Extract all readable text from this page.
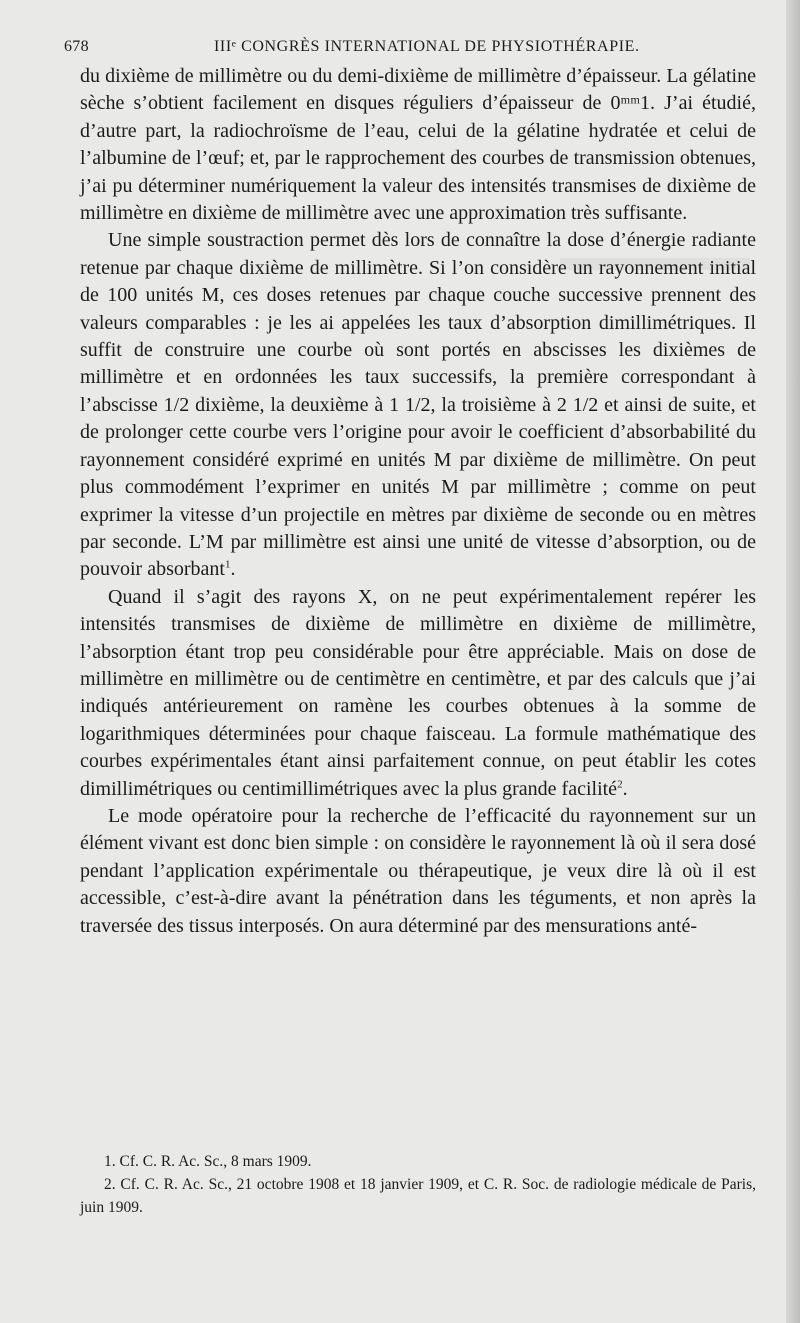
678	IIIᵉ CONGRÈS INTERNATIONAL DE PHYSIOTHÉRAPIE.

du dixième de millimètre ou du demi-dixième de millimètre d’épaisseur. La gélatine sèche s’obtient facilement en disques réguliers d’épaisseur de 0ᵐᵐ1. J’ai étudié, d’autre part, la radiochroïsme de l’eau, celui de la gélatine hydratée et celui de l’albumine de l’œuf; et, par le rapprochement des courbes de transmission obtenues, j’ai pu déterminer numériquement la valeur des intensités transmises de dixième de millimètre en dixième de millimètre avec une approximation très suffisante.

Une simple soustraction permet dès lors de connaître la dose d’énergie radiante retenue par chaque dixième de millimètre. Si l’on considère un rayonnement initial de 100 unités M, ces doses retenues par chaque couche successive prennent des valeurs comparables : je les ai appelées les taux d’absorption dimillimétriques. Il suffit de construire une courbe où sont portés en abscisses les dixièmes de millimètre et en ordonnées les taux successifs, la première correspondant à l’abscisse 1/2 dixième, la deuxième à 1 1/2, la troisième à 2 1/2 et ainsi de suite, et de prolonger cette courbe vers l’origine pour avoir le coefficient d’absorbabilité du rayonnement considéré exprimé en unités M par dixième de millimètre. On peut plus commodément l’exprimer en unités M par millimètre ; comme on peut exprimer la vitesse d’un projectile en mètres par dixième de seconde ou en mètres par seconde. L’M par millimètre est ainsi une unité de vitesse d’absorption, ou de pouvoir absorbant$^1$.

Quand il s’agit des rayons X, on ne peut expérimentalement repérer les intensités transmises de dixième de millimètre en dixième de millimètre, l’absorption étant trop peu considérable pour être appréciable. Mais on dose de millimètre en millimètre ou de centimètre en centimètre, et par des calculs que j’ai indiqués antérieurement on ramène les courbes obtenues à la somme de logarithmiques déterminées pour chaque faisceau. La formule mathématique des courbes expérimentales étant ainsi parfaitement connue, on peut établir les cotes dimillimétriques ou centimillimétriques avec la plus grande facilité$^2$.

Le mode opératoire pour la recherche de l’efficacité du rayonnement sur un élément vivant est donc bien simple : on considère le rayonnement là où il sera dosé pendant l’application expérimentale ou thérapeutique, je veux dire là où il est accessible, c’est-à-dire avant la pénétration dans les téguments, et non après la traversée des tissus interposés. On aura déterminé par des mensurations anté-

1. Cf. C. R. Ac. Sc., 8 mars 1909.

2. Cf. C. R. Ac. Sc., 21 octobre 1908 et 18 janvier 1909, et C. R. Soc. de radiologie médicale de Paris, juin 1909.
